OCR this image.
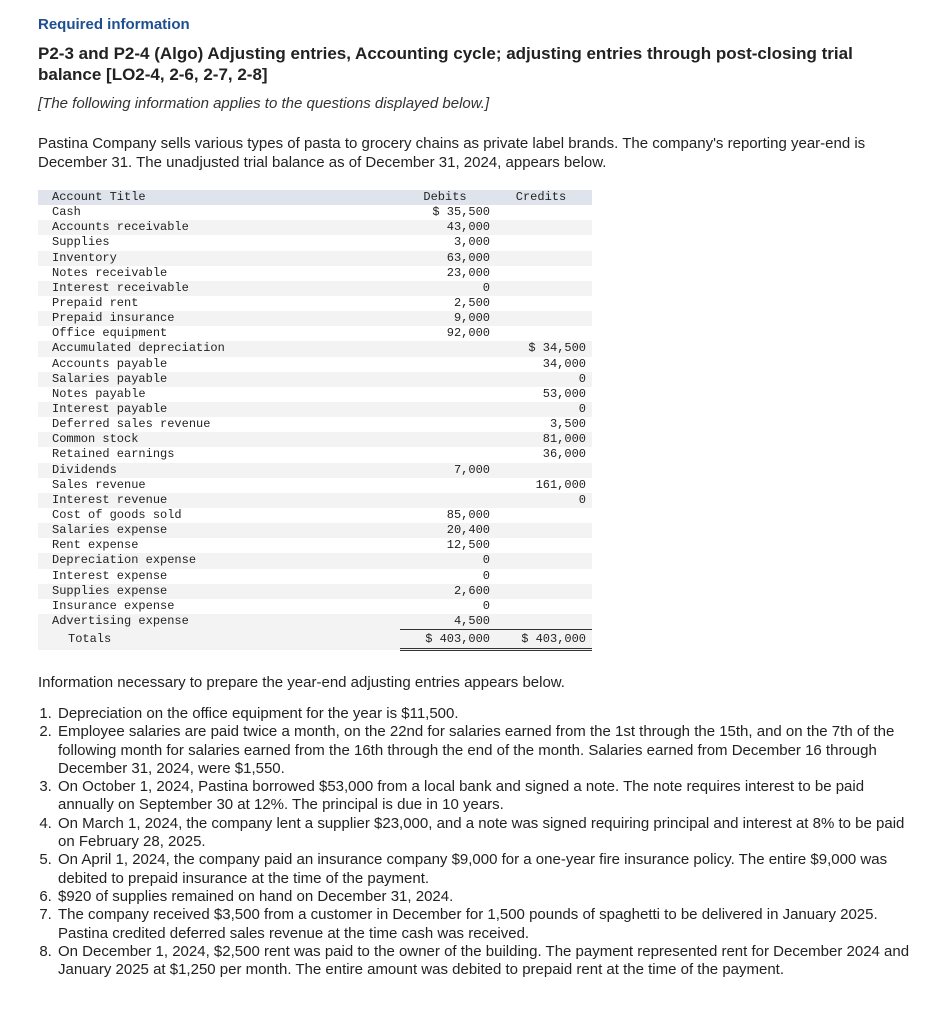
Required information
P2-3 and P2-4 (Algo) Adjusting entries, Accounting cycle; adjusting entries through post-closing trial balance [LO2-4, 2-6, 2-7, 2-8]
[The following information applies to the questions displayed below.]
Pastina Company sells various types of pasta to grocery chains as private label brands. The company's reporting year-end is December 31. The unadjusted trial balance as of December 31, 2024, appears below.
Account Title	Debits	Credits
Cash	$ 35,500	
Accounts receivable	43,000	
Supplies	3,000	
Inventory	63,000	
Notes receivable	23,000	
Interest receivable	0	
Prepaid rent	2,500	
Prepaid insurance	9,000	
Office equipment	92,000	
Accumulated depreciation		$ 34,500
Accounts payable		34,000
Salaries payable		0
Notes payable		53,000
Interest payable		0
Deferred sales revenue		3,500
Common stock		81,000
Retained earnings		36,000
Dividends	7,000	
Sales revenue		161,000
Interest revenue		0
Cost of goods sold	85,000	
Salaries expense	20,400	
Rent expense	12,500	
Depreciation expense	0	
Interest expense	0	
Supplies expense	2,600	
Insurance expense	0	
Advertising expense	4,500	
Totals	$ 403,000	$ 403,000
Information necessary to prepare the year-end adjusting entries appears below.
1. Depreciation on the office equipment for the year is $11,500.
2. Employee salaries are paid twice a month, on the 22nd for salaries earned from the 1st through the 15th, and on the 7th of the following month for salaries earned from the 16th through the end of the month. Salaries earned from December 16 through December 31, 2024, were $1,550.
3. On October 1, 2024, Pastina borrowed $53,000 from a local bank and signed a note. The note requires interest to be paid annually on September 30 at 12%. The principal is due in 10 years.
4. On March 1, 2024, the company lent a supplier $23,000, and a note was signed requiring principal and interest at 8% to be paid on February 28, 2025.
5. On April 1, 2024, the company paid an insurance company $9,000 for a one-year fire insurance policy. The entire $9,000 was debited to prepaid insurance at the time of the payment.
6. $920 of supplies remained on hand on December 31, 2024.
7. The company received $3,500 from a customer in December for 1,500 pounds of spaghetti to be delivered in January 2025. Pastina credited deferred sales revenue at the time cash was received.
8. On December 1, 2024, $2,500 rent was paid to the owner of the building. The payment represented rent for December 2024 and January 2025 at $1,250 per month. The entire amount was debited to prepaid rent at the time of the payment.
